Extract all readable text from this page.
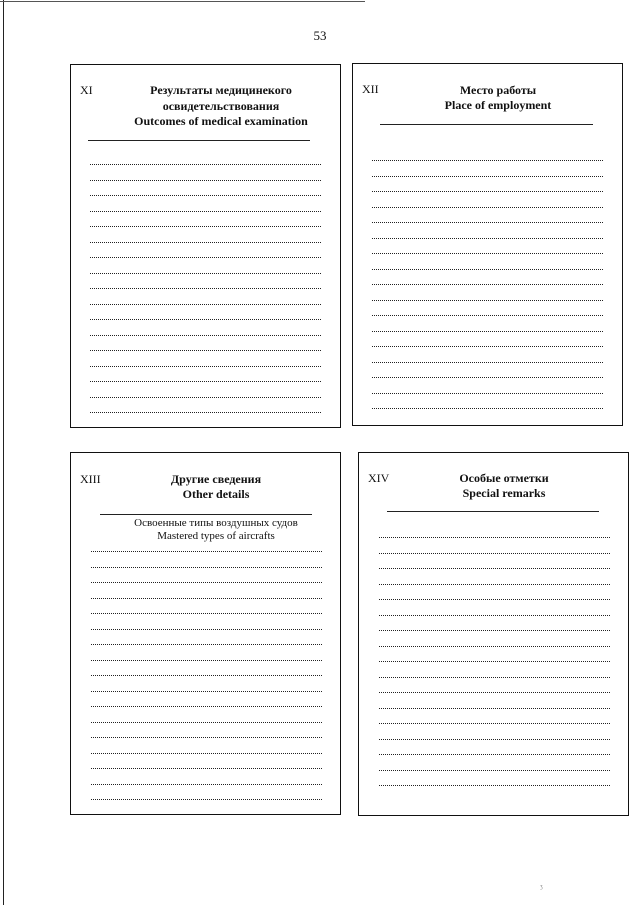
53
XI	Результаты медицинекого
освидетельствования
Outcomes of medical examination
XII	Место работы
Place of employment
XIII	Другие сведения
Other details
Освоенные типы воздушных судов
Mastered types of aircrafts
XIV	Особые отметки
Special remarks
ʒ
